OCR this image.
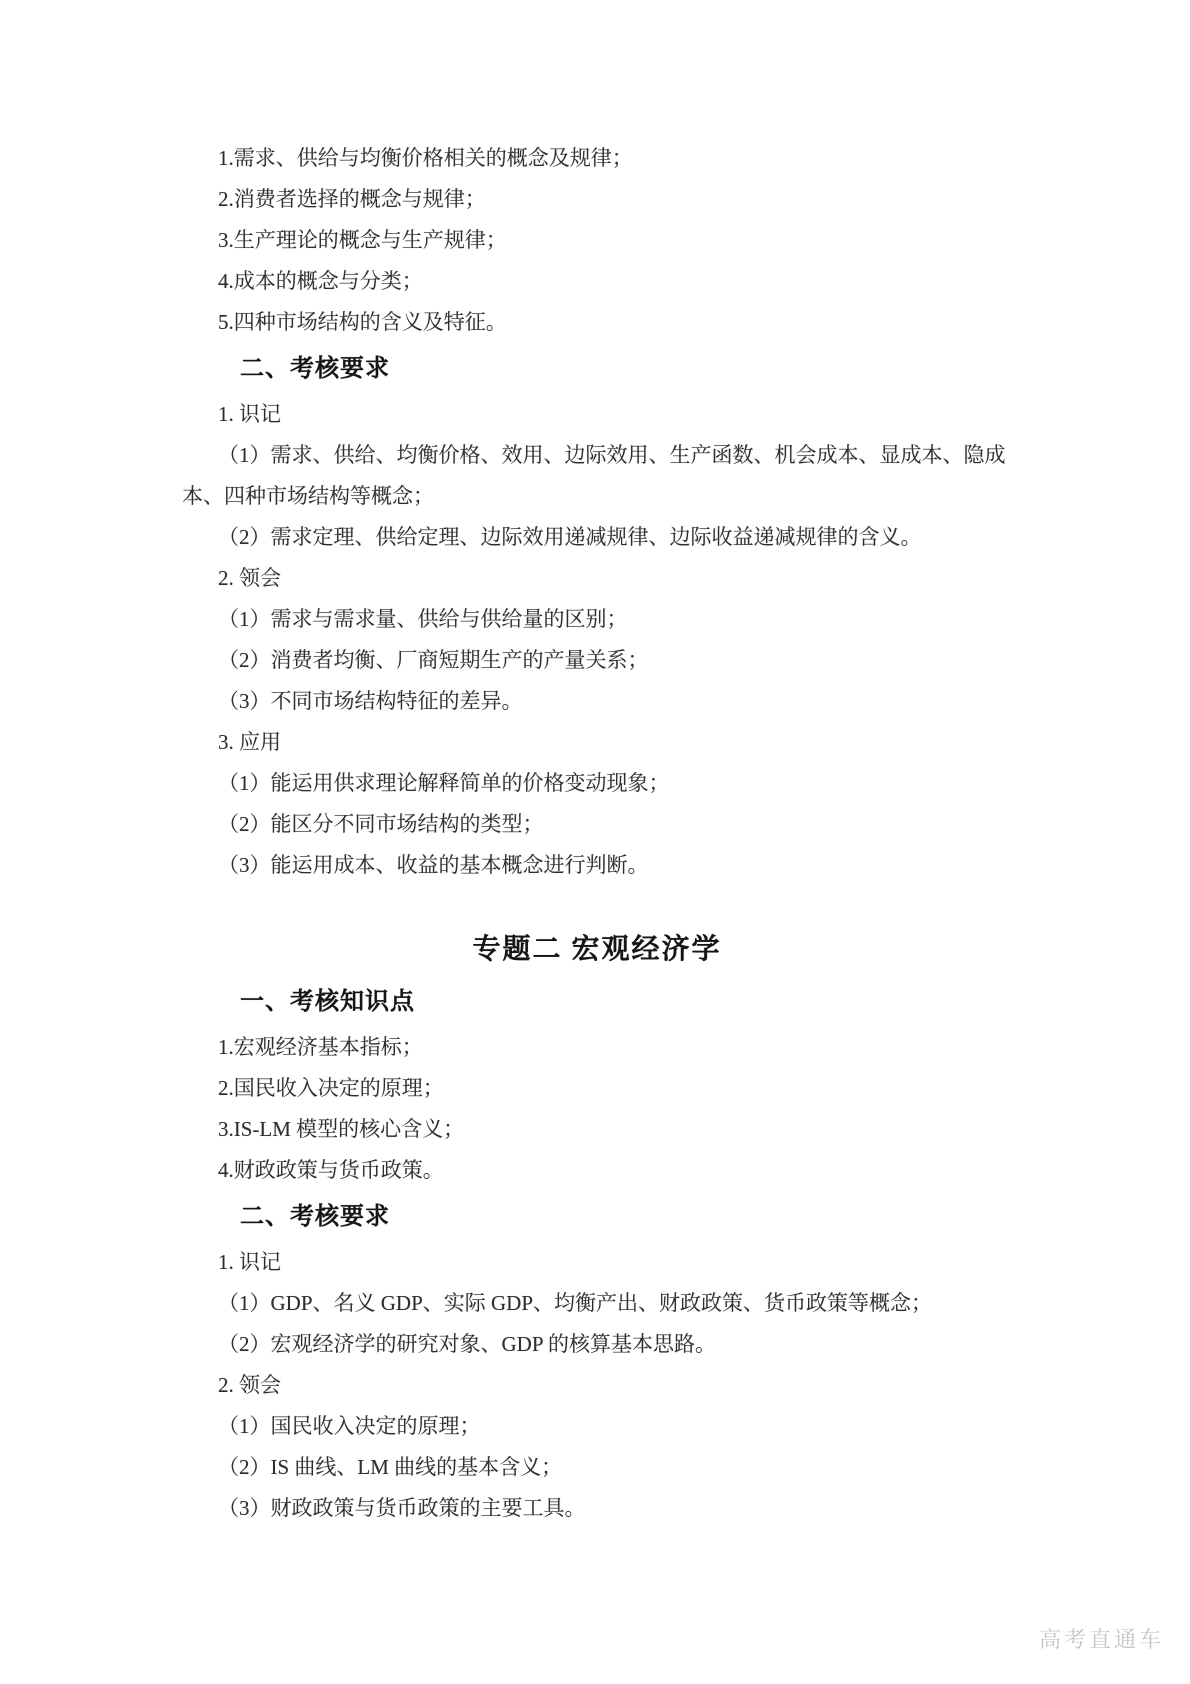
1.需求、供给与均衡价格相关的概念及规律；

2.消费者选择的概念与规律；

3.生产理论的概念与生产规律；

4.成本的概念与分类；

5.四种市场结构的含义及特征。

二、考核要求

1. 识记

（1）需求、供给、均衡价格、效用、边际效用、生产函数、机会成本、显成本、隐成本、四种市场结构等概念；

（2）需求定理、供给定理、边际效用递减规律、边际收益递减规律的含义。

2. 领会

（1）需求与需求量、供给与供给量的区别；

（2）消费者均衡、厂商短期生产的产量关系；

（3）不同市场结构特征的差异。

3. 应用

（1）能运用供求理论解释简单的价格变动现象；

（2）能区分不同市场结构的类型；

（3）能运用成本、收益的基本概念进行判断。

专题二 宏观经济学
一、考核知识点

1.宏观经济基本指标；

2.国民收入决定的原理；

3.IS-LM 模型的核心含义；

4.财政政策与货币政策。

二、考核要求

1. 识记

（1）GDP、名义 GDP、实际 GDP、均衡产出、财政政策、货币政策等概念；

（2）宏观经济学的研究对象、GDP 的核算基本思路。

2. 领会

（1）国民收入决定的原理；

（2）IS 曲线、LM 曲线的基本含义；

（3）财政政策与货币政策的主要工具。

高考直通车
